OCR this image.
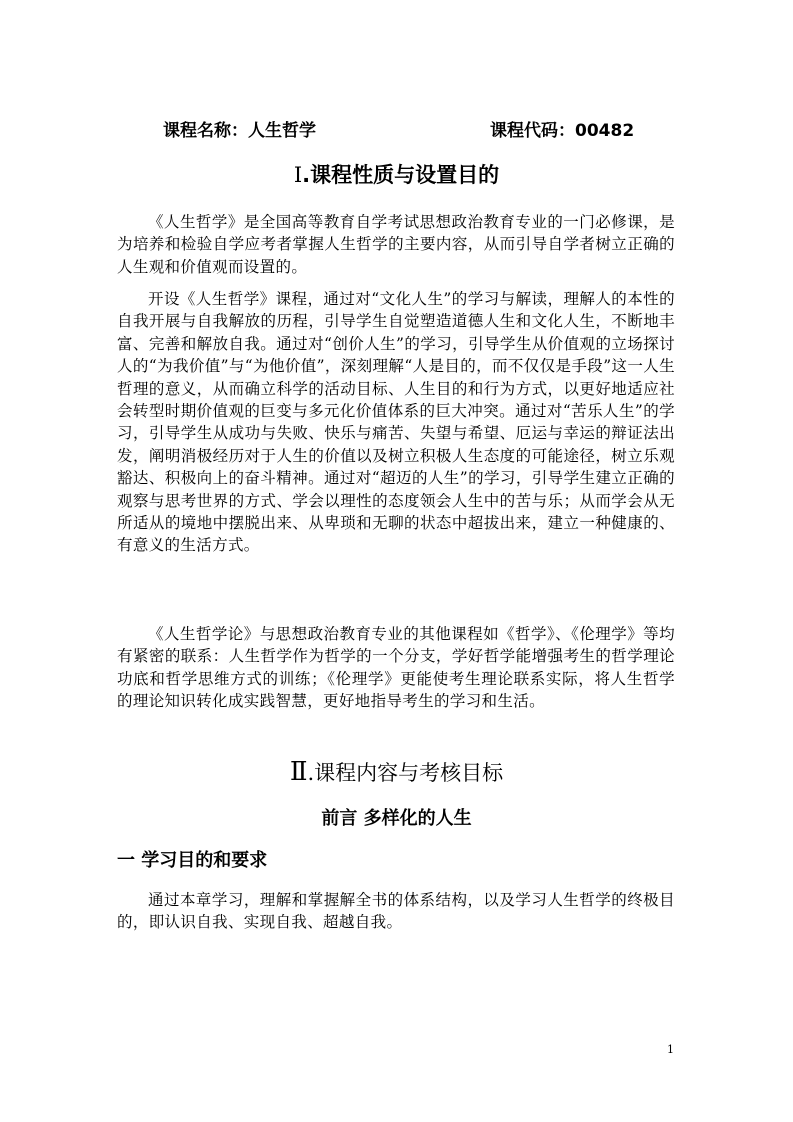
课程名称：人生哲学	课程代码：00482
Ⅰ.课程性质与设置目的

《人生哲学》是全国高等教育自学考试思想政治教育专业的一门必修课，是为培养和检验自学应考者掌握人生哲学的主要内容，从而引导自学者树立正确的人生观和价值观而设置的。

开设《人生哲学》课程，通过对“文化人生”的学习与解读，理解人的本性的自我开展与自我解放的历程，引导学生自觉塑造道德人生和文化人生，不断地丰富、完善和解放自我。通过对“创价人生”的学习，引导学生从价值观的立场探讨人的“为我价值”与“为他价值”，深刻理解“人是目的，而不仅仅是手段”这一人生哲理的意义，从而确立科学的活动目标、人生目的和行为方式，以更好地适应社会转型时期价值观的巨变与多元化价值体系的巨大冲突。通过对“苦乐人生”的学习，引导学生从成功与失败、快乐与痛苦、失望与希望、厄运与幸运的辩证法出发，阐明消极经历对于人生的价值以及树立积极人生态度的可能途径，树立乐观豁达、积极向上的奋斗精神。通过对“超迈的人生”的学习，引导学生建立正确的观察与思考世界的方式、学会以理性的态度领会人生中的苦与乐；从而学会从无所适从的境地中摆脱出来、从卑琐和无聊的状态中超拔出来，建立一种健康的、有意义的生活方式。

《人生哲学论》与思想政治教育专业的其他课程如《哲学》、《伦理学》等均有紧密的联系：人生哲学作为哲学的一个分支，学好哲学能增强考生的哲学理论功底和哲学思维方式的训练；《伦理学》更能使考生理论联系实际，将人生哲学的理论知识转化成实践智慧，更好地指导考生的学习和生活。

Ⅱ.课程内容与考核目标
前言 多样化的人生
一 学习目的和要求

通过本章学习，理解和掌握解全书的体系结构，以及学习人生哲学的终极目的，即认识自我、实现自我、超越自我。

1
